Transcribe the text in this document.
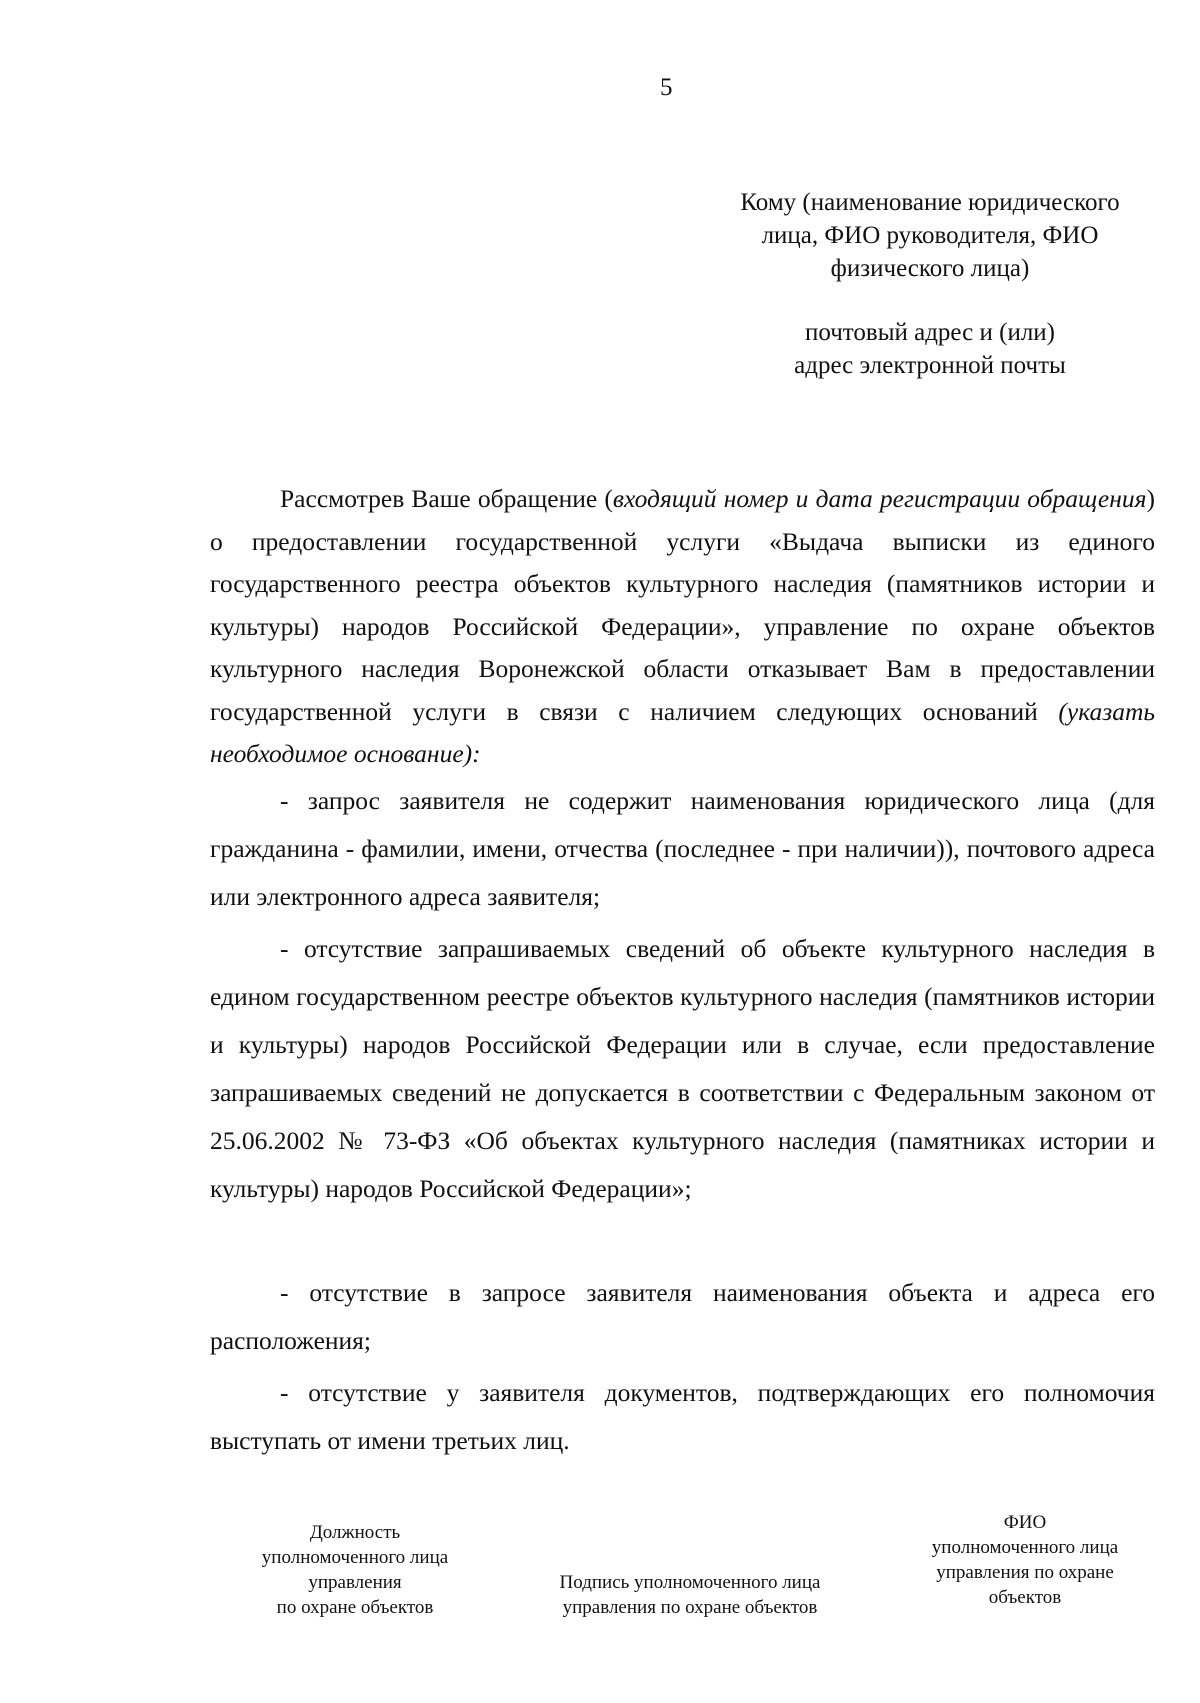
5
Кому (наименование юридического
лица, ФИО руководителя, ФИО
физического лица)
почтовый адрес и (или)
адрес электронной почты
Рассмотрев Ваше обращение (входящий номер и дата регистрации обращения) о предоставлении государственной услуги «Выдача выписки из единого государственного реестра объектов культурного наследия (памятников истории и культуры) народов Российской Федерации», управление по охране объектов культурного наследия Воронежской области отказывает Вам в предоставлении государственной услуги в связи с наличием следующих оснований (указать необходимое основание):
- запрос заявителя не содержит наименования юридического лица (для гражданина - фамилии, имени, отчества (последнее - при наличии)), почтового адреса или электронного адреса заявителя;
- отсутствие запрашиваемых сведений об объекте культурного наследия в едином государственном реестре объектов культурного наследия (памятников истории и культуры) народов Российской Федерации или в случае, если предоставление запрашиваемых сведений не допускается в соответствии с Федеральным законом от 25.06.2002 № 73-ФЗ «Об объектах культурного наследия (памятниках истории и культуры) народов Российской Федерации»;
- отсутствие в запросе заявителя наименования объекта и адреса его расположения;
- отсутствие у заявителя документов, подтверждающих его полномочия выступать от имени третьих лиц.
Должность
уполномоченного лица
управления
по охране объектов
Подпись уполномоченного лица
управления по охране объектов
ФИО
уполномоченного лица
управления по охране
объектов
